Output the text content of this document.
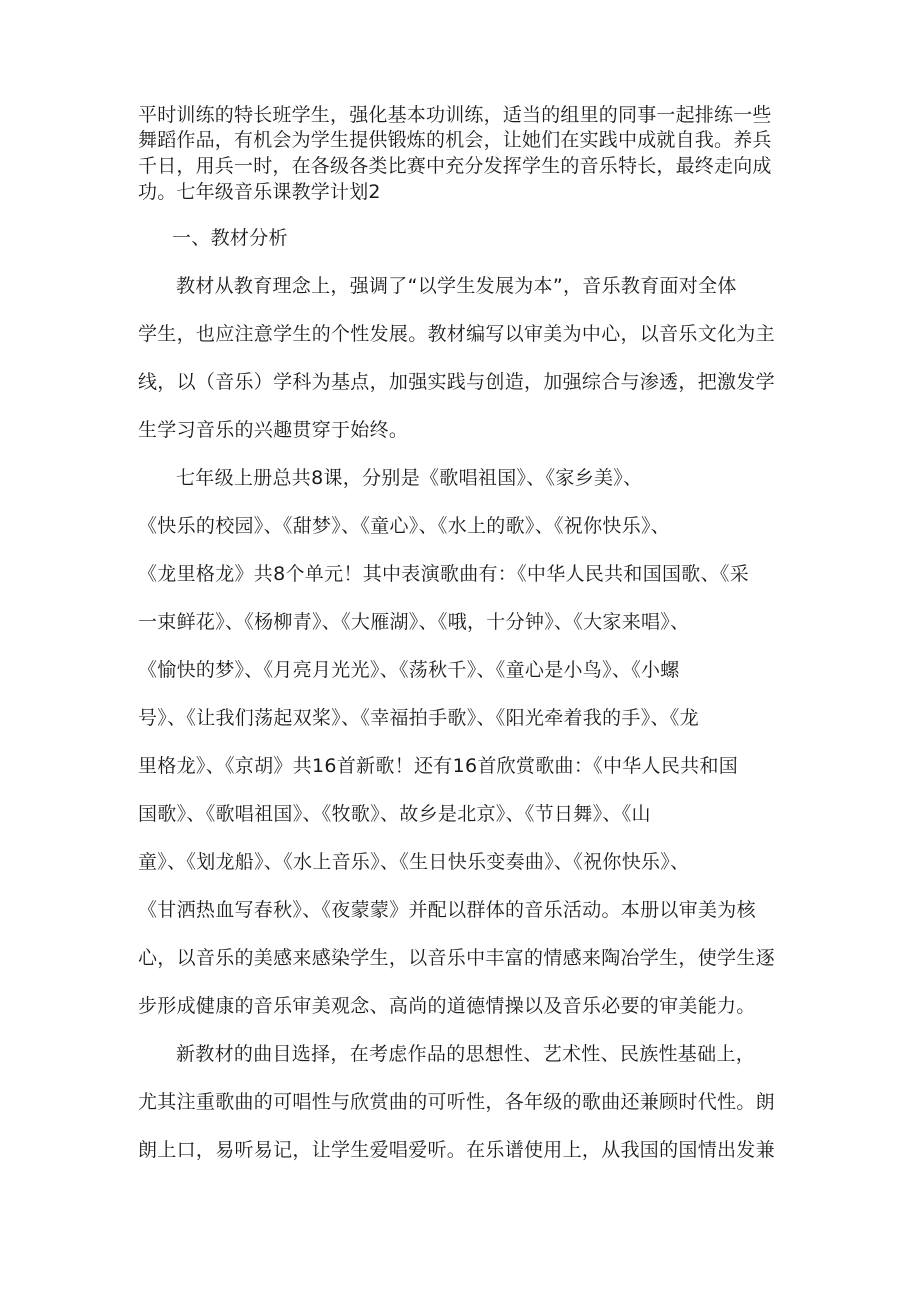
平时训练的特长班学生，强化基本功训练，适当的组里的同事一起排练一些
舞蹈作品，有机会为学生提供锻炼的机会，让她们在实践中成就自我。养兵
千日，用兵一时，在各级各类比赛中充分发挥学生的音乐特长，最终走向成
功。七年级音乐课教学计划2
一、教材分析
教材从教育理念上，强调了“以学生发展为本”，音乐教育面对全体
学生，也应注意学生的个性发展。教材编写以审美为中心，以音乐文化为主
线，以（音乐）学科为基点，加强实践与创造，加强综合与渗透，把激发学
生学习音乐的兴趣贯穿于始终。
七年级上册总共8课，分别是《歌唱祖国》、《家乡美》、
《快乐的校园》、《甜梦》、《童心》、《水上的歌》、《祝你快乐》、
《龙里格龙》共8个单元！其中表演歌曲有：《中华人民共和国国歌、《采
一束鲜花》、《杨柳青》、《大雁湖》、《哦，十分钟》、《大家来唱》、
《愉快的梦》、《月亮月光光》、《荡秋千》、《童心是小鸟》、《小螺
号》、《让我们荡起双桨》、《幸福拍手歌》、《阳光牵着我的手》、《龙
里格龙》、《京胡》共16首新歌！还有16首欣赏歌曲：《中华人民共和国
国歌》、《歌唱祖国》、《牧歌》、故乡是北京》、《节日舞》、《山
童》、《划龙船》、《水上音乐》、《生日快乐变奏曲》、《祝你快乐》、
《甘洒热血写春秋》、《夜蒙蒙》并配以群体的音乐活动。本册以审美为核
心，以音乐的美感来感染学生，以音乐中丰富的情感来陶冶学生，使学生逐
步形成健康的音乐审美观念、高尚的道德情操以及音乐必要的审美能力。
新教材的曲目选择，在考虑作品的思想性、艺术性、民族性基础上，
尤其注重歌曲的可唱性与欣赏曲的可听性，各年级的歌曲还兼顾时代性。朗
朗上口，易听易记，让学生爱唱爱听。在乐谱使用上，从我国的国情出发兼
